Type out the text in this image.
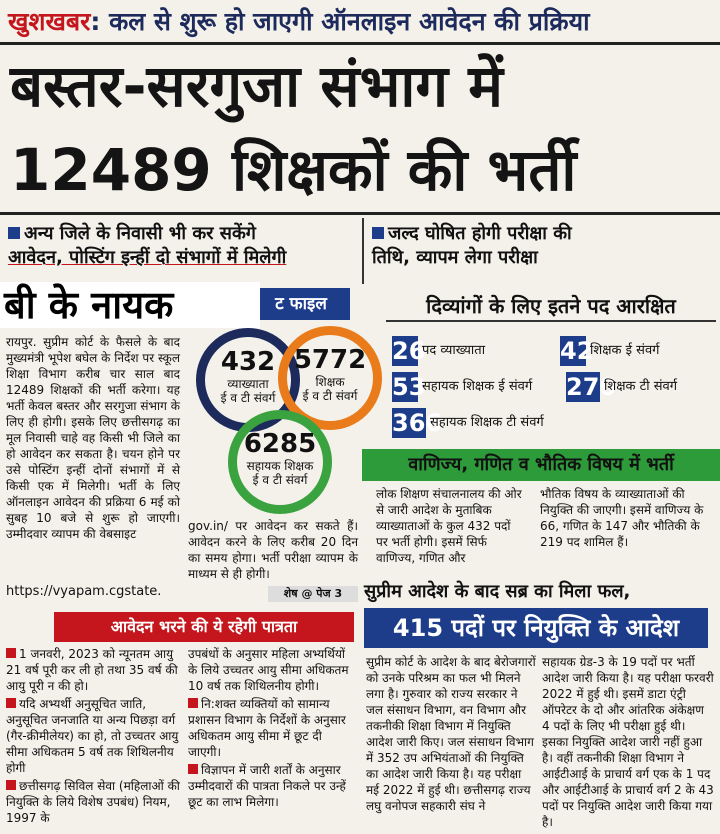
खुशखबर: कल से शुरू हो जाएगी ऑनलाइन आवेदन की प्रक्रिया
बस्तर-सरगुजा संभाग में
12489 शिक्षकों की भर्ती
अन्य जिले के निवासी भी कर सकेंगे
आवेदन, पोस्टिंग इन्हीं दो संभागों में मिलेगी
जल्द घोषित होगी परीक्षा की
तिथि, व्यापम लेगा परीक्षा
ट फाइल
बी के नायक
रायपुर. सुप्रीम कोर्ट के फैसले के बाद मुख्यमंत्री भूपेश बघेल के निर्देश पर स्कूल शिक्षा विभाग करीब चार साल बाद 12489 शिक्षकों की भर्ती करेगा। यह भर्ती केवल बस्तर और सरगुजा संभाग के लिए ही होगी। इसके लिए छत्तीसगढ़ का मूल निवासी चाहे वह किसी भी जिले का हो आवेदन कर सकता है। चयन होने पर उसे पोस्टिंग इन्हीं दोनों संभागों में से किसी एक में मिलेगी। भर्ती के लिए ऑनलाइन आवेदन की प्रक्रिया 6 मई को सुबह 10 बजे से शुरू हो जाएगी। उम्मीदवार व्यापम की वेबसाइट
https://vyapam.cgstate.
gov.in/ पर आवेदन कर सकते हैं। आवेदन करने के लिए करीब 20 दिन का समय होगा। भर्ती परीक्षा व्यापम के माध्यम से ही होगी।
शेष @ पेज 3
432
व्याख्याता
ई व टी संवर्ग
5772
शिक्षक
ई व टी संवर्ग
6285
सहायक शिक्षक
ई व टी संवर्ग
दिव्यांगों के लिए इतने पद आरक्षित
26
पद व्याख्याता	42
शिक्षक ई संवर्ग
53
सहायक शिक्षक ई संवर्ग	270
शिक्षक टी संवर्ग
366
सहायक शिक्षक टी संवर्ग
वाणिज्य, गणित व भौतिक विषय में भर्ती
लोक शिक्षण संचालनालय की ओर से जारी आदेश के मुताबिक व्याख्याताओं के कुल 432 पदों पर भर्ती होगी। इसमें सिर्फ वाणिज्य, गणित और
भौतिक विषय के व्याख्याताओं की नियुक्ति की जाएगी। इसमें वाणिज्य के 66, गणित के 147 और भौतिकी के 219 पद शामिल हैं।
सुप्रीम आदेश के बाद सब्र का मिला फल,
415 पदों पर नियुक्ति के आदेश
सुप्रीम कोर्ट के आदेश के बाद बेरोजगारों को उनके परिश्रम का फल भी मिलने लगा है। गुरुवार को राज्य सरकार ने जल संसाधन विभाग, वन विभाग और तकनीकी शिक्षा विभाग में नियुक्ति आदेश जारी किए। जल संसाधन विभाग में 352 उप अभियंताओं की नियुक्ति का आदेश जारी किया है। यह परीक्षा मई 2022 में हुई थी। छत्तीसगढ़ राज्य लघु वनोपज सहकारी संघ ने
सहायक ग्रेड-3 के 19 पदों पर भर्ती आदेश जारी किया है। यह परीक्षा फरवरी 2022 में हुई थी। इसमें डाटा एंट्री ऑपरेटर के दो और आंतरिक अंकेक्षण 4 पदों के लिए भी परीक्षा हुई थी। इसका नियुक्ति आदेश जारी नहीं हुआ है। वहीं तकनीकी शिक्षा विभाग ने आईटीआई के प्राचार्य वर्ग एक के 1 पद और आईटीआई के प्राचार्य वर्ग 2 के 43 पदों पर नियुक्ति आदेश जारी किया गया है।
आवेदन भरने की ये रहेगी पात्रता
1 जनवरी, 2023 को न्यूनतम आयु 21 वर्ष पूरी कर ली हो तथा 35 वर्ष की आयु पूरी न की हो।
यदि अभ्यर्थी अनुसूचित जाति, अनुसूचित जनजाति या अन्य पिछड़ा वर्ग (गैर-क्रीमीलेयर) का हो, तो उच्चतर आयु सीमा अधिकतम 5 वर्ष तक शिथिलनीय होगी
छत्तीसगढ़ सिविल सेवा (महिलाओं की नियुक्ति के लिये विशेष उपबंध) नियम, 1997 के
उपबंधों के अनुसार महिला अभ्यर्थियों के लिये उच्चतर आयु सीमा अधिकतम 10 वर्ष तक शिथिलनीय होगी।
नि:शक्त व्यक्तियों को सामान्य प्रशासन विभाग के निर्देशों के अनुसार अधिकतम आयु सीमा में छूट दी जाएगी।
विज्ञापन में जारी शर्तों के अनुसार उम्मीदवारों की पात्रता निकले पर उन्हें छूट का लाभ मिलेगा।
